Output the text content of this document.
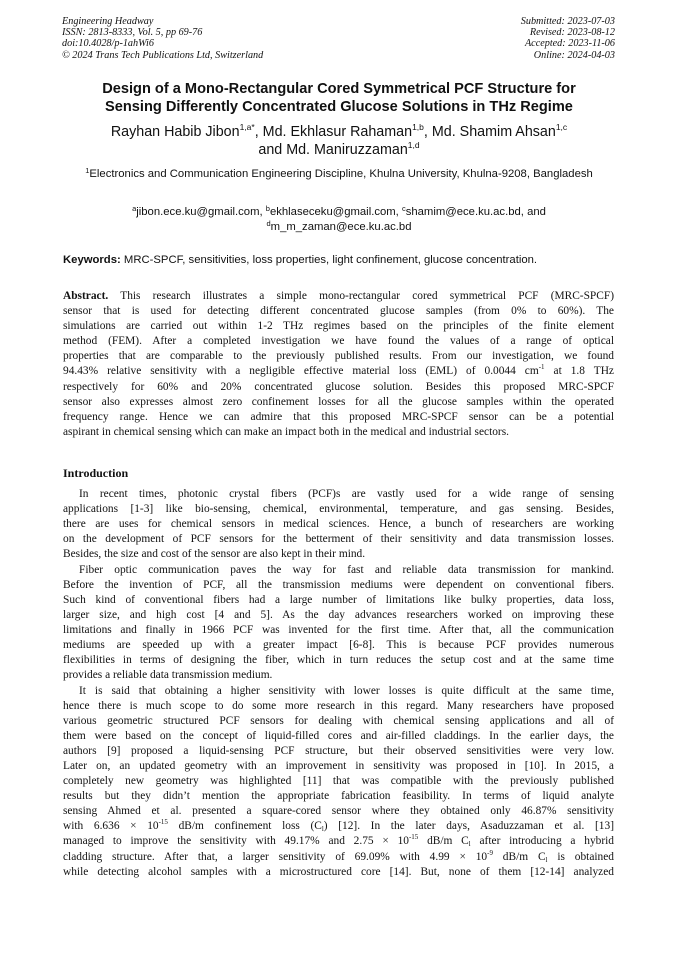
Engineering Headway
ISSN: 2813-8333, Vol. 5, pp 69-76
doi:10.4028/p-1ahWi6
© 2024 Trans Tech Publications Ltd, Switzerland
Submitted: 2023-07-03
Revised: 2023-08-12
Accepted: 2023-11-06
Online: 2024-04-03
Design of a Mono-Rectangular Cored Symmetrical PCF Structure for
Sensing Differently Concentrated Glucose Solutions in THz Regime
Rayhan Habib Jibon$^{1,a*}$, Md. Ekhlasur Rahaman$^{1,b}$, Md. Shamim Ahsan$^{1,c}$
and Md. Maniruzzaman$^{1,d}$
$^1$Electronics and Communication Engineering Discipline, Khulna University, Khulna-9208, Bangladesh
$^a$jibon.ece.ku@gmail.com, $^b$ekhlaseceku@gmail.com, $^c$shamim@ece.ku.ac.bd, and
$^d$m_m_zaman@ece.ku.ac.bd
Keywords: MRC-SPCF, sensitivities, loss properties, light confinement, glucose concentration.
Abstract. This research illustrates a simple mono-rectangular cored symmetrical PCF (MRC-SPCF)
sensor that is used for detecting different concentrated glucose samples (from 0% to 60%). The
simulations are carried out within 1-2 THz regimes based on the principles of the finite element
method (FEM). After a completed investigation we have found the values of a range of optical
properties that are comparable to the previously published results. From our investigation, we found
94.43% relative sensitivity with a negligible effective material loss (EML) of 0.0044 $cm^{-1}$ at 1.8 THz
respectively for 60% and 20% concentrated glucose solution. Besides this proposed MRC-SPCF
sensor also expresses almost zero confinement losses for all the glucose samples within the operated
frequency range. Hence we can admire that this proposed MRC-SPCF sensor can be a potential
aspirant in chemical sensing which can make an impact both in the medical and industrial sectors.
Introduction
In recent times, photonic crystal fibers (PCF)s are vastly used for a wide range of sensing
applications [1-3] like bio-sensing, chemical, environmental, temperature, and gas sensing. Besides,
there are uses for chemical sensors in medical sciences. Hence, a bunch of researchers are working
on the development of PCF sensors for the betterment of their sensitivity and data transmission losses.
Besides, the size and cost of the sensor are also kept in their mind.
Fiber optic communication paves the way for fast and reliable data transmission for mankind.
Before the invention of PCF, all the transmission mediums were dependent on conventional fibers.
Such kind of conventional fibers had a large number of limitations like bulky properties, data loss,
larger size, and high cost [4 and 5]. As the day advances researchers worked on improving these
limitations and finally in 1966 PCF was invented for the first time. After that, all the communication
mediums are speeded up with a greater impact [6-8]. This is because PCF provides numerous
flexibilities in terms of designing the fiber, which in turn reduces the setup cost and at the same time
provides a reliable data transmission medium.
It is said that obtaining a higher sensitivity with lower losses is quite difficult at the same time,
hence there is much scope to do some more research in this regard. Many researchers have proposed
various geometric structured PCF sensors for dealing with chemical sensing applications and all of
them were based on the concept of liquid-filled cores and air-filled claddings. In the earlier days, the
authors [9] proposed a liquid-sensing PCF structure, but their observed sensitivities were very low.
Later on, an updated geometry with an improvement in sensitivity was proposed in [10]. In 2015, a
completely new geometry was highlighted [11] that was compatible with the previously published
results but they didn’t mention the appropriate fabrication feasibility. In terms of liquid analyte
sensing Ahmed et al. presented a square-cored sensor where they obtained only 46.87% sensitivity
with $6.636 \times 10^{-15}$ dB/m confinement loss $(C_l)$ [12]. In the later days, Asaduzzaman et al. [13]
managed to improve the sensitivity with 49.17% and $2.75 \times 10^{-15}$ dB/m $C_l$ after introducing a hybrid
cladding structure. After that, a larger sensitivity of 69.09% with $4.99 \times 10^{-9}$ dB/m $C_l$ is obtained
while detecting alcohol samples with a microstructured core [14]. But, none of them [12-14] analyzed
